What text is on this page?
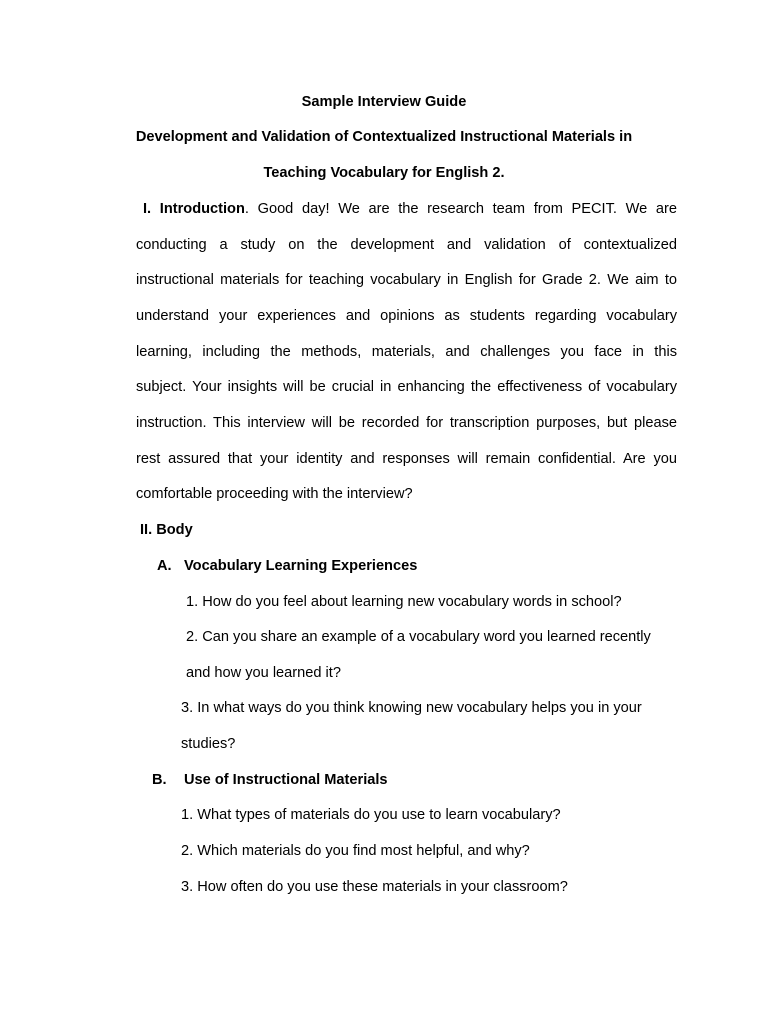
Sample Interview Guide
Development and Validation of Contextualized Instructional Materials in
Teaching Vocabulary for English 2.
I. Introduction. Good day! We are the research team from PECIT. We are
conducting a study on the development and validation of contextualized
instructional materials for teaching vocabulary in English for Grade 2. We aim to
understand your experiences and opinions as students regarding vocabulary
learning, including the methods, materials, and challenges you face in this
subject. Your insights will be crucial in enhancing the effectiveness of vocabulary
instruction. This interview will be recorded for transcription purposes, but please
rest assured that your identity and responses will remain confidential. Are you
comfortable proceeding with the interview?
II. Body
A. Vocabulary Learning Experiences
1. How do you feel about learning new vocabulary words in school?
2. Can you share an example of a vocabulary word you learned recently
and how you learned it?
3. In what ways do you think knowing new vocabulary helps you in your
studies?
B. Use of Instructional Materials
1. What types of materials do you use to learn vocabulary?
2. Which materials do you find most helpful, and why?
3. How often do you use these materials in your classroom?
